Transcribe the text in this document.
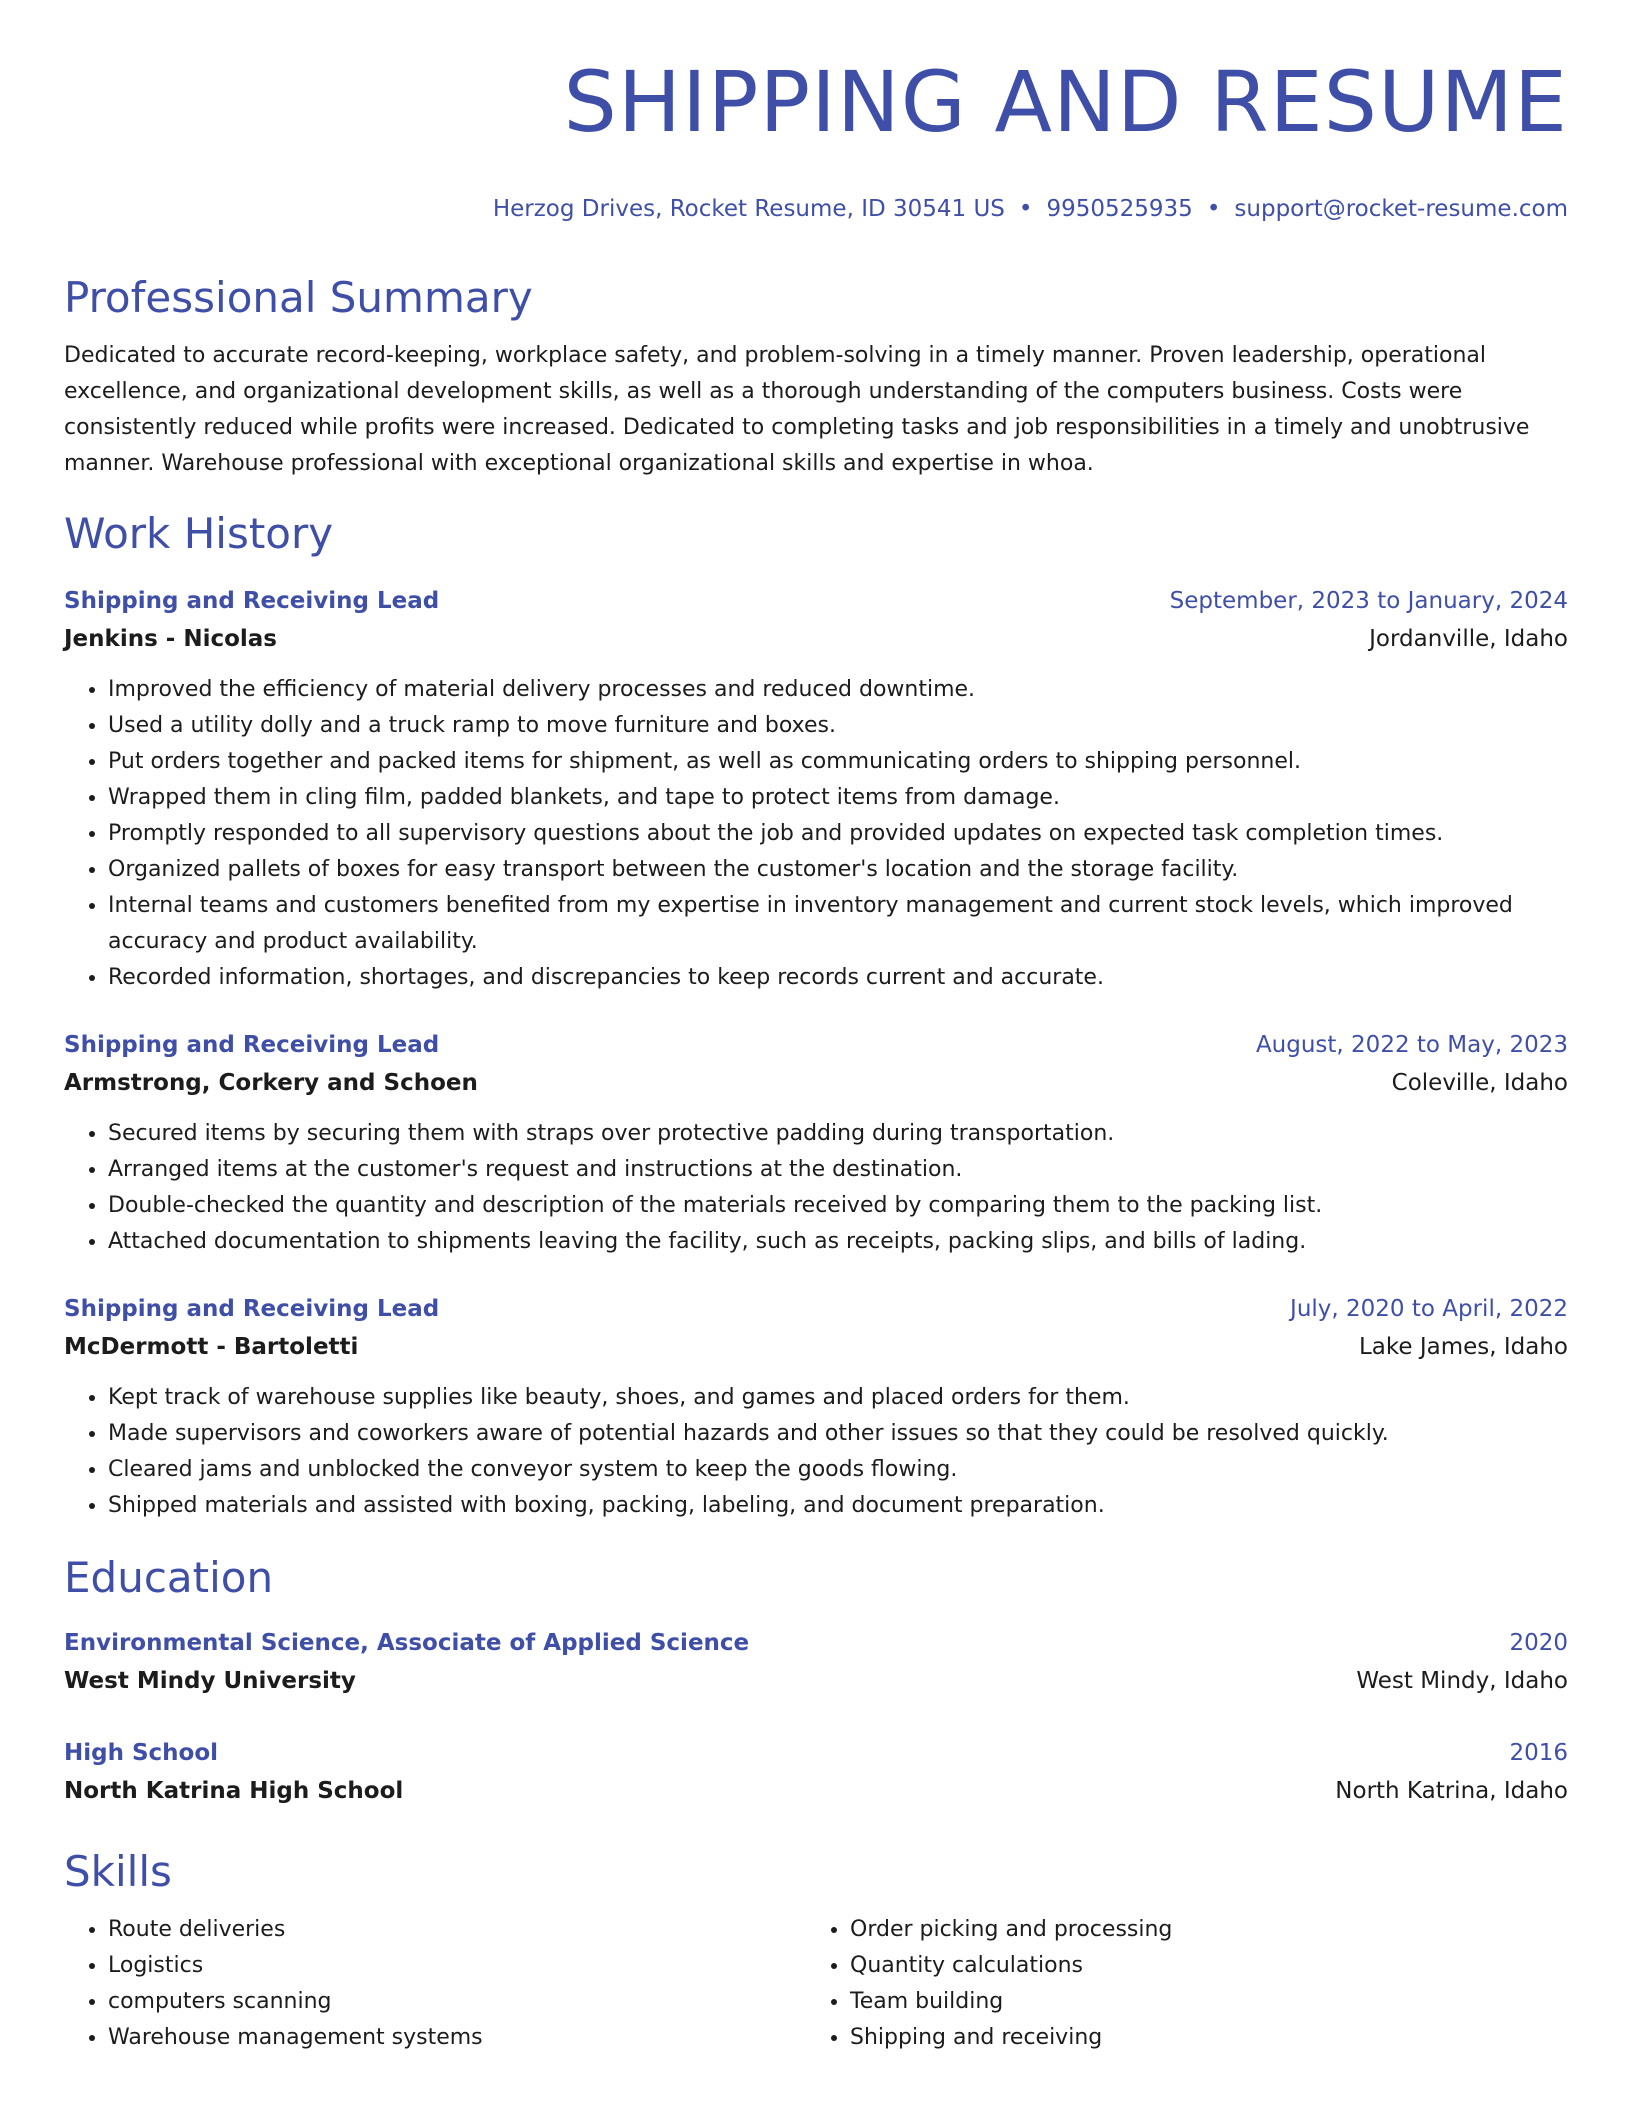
SHIPPING AND RESUME
Herzog Drives, Rocket Resume, ID 30541 US • 9950525935 • support@rocket-resume.com
Professional Summary
Dedicated to accurate record-keeping, workplace safety, and problem-solving in a timely manner. Proven leadership, operational excellence, and organizational development skills, as well as a thorough understanding of the computers business. Costs were consistently reduced while profits were increased. Dedicated to completing tasks and job responsibilities in a timely and unobtrusive manner. Warehouse professional with exceptional organizational skills and expertise in whoa.
Work History
Shipping and Receiving Lead	September, 2023 to January, 2024
Jenkins - Nicolas	Jordanville, Idaho
• Improved the efficiency of material delivery processes and reduced downtime.
• Used a utility dolly and a truck ramp to move furniture and boxes.
• Put orders together and packed items for shipment, as well as communicating orders to shipping personnel.
• Wrapped them in cling film, padded blankets, and tape to protect items from damage.
• Promptly responded to all supervisory questions about the job and provided updates on expected task completion times.
• Organized pallets of boxes for easy transport between the customer's location and the storage facility.
• Internal teams and customers benefited from my expertise in inventory management and current stock levels, which improved accuracy and product availability.
• Recorded information, shortages, and discrepancies to keep records current and accurate.
Shipping and Receiving Lead	August, 2022 to May, 2023
Armstrong, Corkery and Schoen	Coleville, Idaho
• Secured items by securing them with straps over protective padding during transportation.
• Arranged items at the customer's request and instructions at the destination.
• Double-checked the quantity and description of the materials received by comparing them to the packing list.
• Attached documentation to shipments leaving the facility, such as receipts, packing slips, and bills of lading.
Shipping and Receiving Lead	July, 2020 to April, 2022
McDermott - Bartoletti	Lake James, Idaho
• Kept track of warehouse supplies like beauty, shoes, and games and placed orders for them.
• Made supervisors and coworkers aware of potential hazards and other issues so that they could be resolved quickly.
• Cleared jams and unblocked the conveyor system to keep the goods flowing.
• Shipped materials and assisted with boxing, packing, labeling, and document preparation.
Education
Environmental Science, Associate of Applied Science	2020
West Mindy University	West Mindy, Idaho
High School	2016
North Katrina High School	North Katrina, Idaho
Skills
• Route deliveries
• Logistics
• computers scanning
• Warehouse management systems
• Order picking and processing
• Quantity calculations
• Team building
• Shipping and receiving
